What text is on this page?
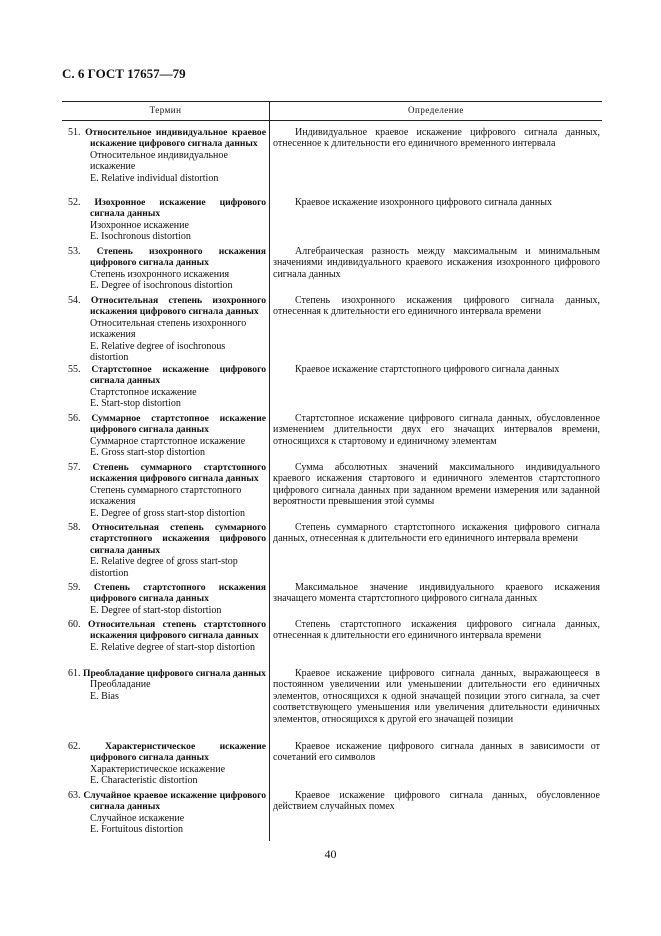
С. 6 ГОСТ 17657—79
Термин	Определение
51. Относительное индивидуальное краевое искажение цифрового сигнала данных
Относительное индивидуальное искажение
E. Relative individual distortion
Индивидуальное краевое искажение цифрового сигнала данных, отнесенное к длительности его единичного временного интервала
52. Изохронное искажение цифрового сигнала данных
Изохронное искажение
E. Isochronous distortion
Краевое искажение изохронного цифрового сигнала данных
53. Степень изохронного искажения цифрового сигнала данных
Степень изохронного искажения
E. Degree of isochronous distortion
Алгебраическая разность между максимальным и минимальным значениями индивидуального краевого искажения изохронного цифрового сигнала данных
54. Относительная степень изохронного искажения цифрового сигнала данных
Относительная степень изохронного искажения
E. Relative degree of isochronous distortion
Степень изохронного искажения цифрового сигнала данных, отнесенная к длительности его единичного интервала времени
55. Стартстопное искажение цифрового сигнала данных
Стартстопное искажение
E. Start-stop distortion
Краевое искажение стартстопного цифрового сигнала данных
56. Суммарное стартстопное искажение цифрового сигнала данных
Суммарное стартстопное искажение
E. Gross start-stop distortion
Стартстопное искажение цифрового сигнала данных, обусловленное изменением длительности двух его значащих интервалов времени, относящихся к стартовому и единичному элементам
57. Степень суммарного стартстопного искажения цифрового сигнала данных
Степень суммарного стартстопного искажения
E. Degree of gross start-stop distortion
Сумма абсолютных значений максимального индивидуального краевого искажения стартового и единичного элементов стартстопного цифрового сигнала данных при заданном времени измерения или заданной вероятности превышения этой суммы
58. Относительная степень суммарного стартстопного искажения цифрового сигнала данных
E. Relative degree of gross start-stop distortion
Степень суммарного стартстопного искажения цифрового сигнала данных, отнесенная к длительности его единичного интервала времени
59. Степень стартстопного искажения цифрового сигнала данных
E. Degree of start-stop distortion
Максимальное значение индивидуального краевого искажения значащего момента стартстопного цифрового сигнала данных
60. Относительная степень стартстопного искажения цифрового сигнала данных
E. Relative degree of start-stop distortion
Степень стартстопного искажения цифрового сигнала данных, отнесенная к длительности его единичного интервала времени
61. Преобладание цифрового сигнала данных
Преобладание
E. Bias
Краевое искажение цифрового сигнала данных, выражающееся в постоянном увеличении или уменьшении длительности его единичных элементов, относящихся к одной значащей позиции этого сигнала, за счет соответствующего уменьшения или увеличения длительности единичных элементов, относящихся к другой его значащей позиции
62.	Характеристическое искажение цифрового сигнала данных
Характеристическое искажение
E. Characteristic distortion
Краевое искажение цифрового сигнала данных в зависимости от сочетаний его символов
63. Случайное краевое искажение цифрового сигнала данных
Случайное искажение
E. Fortuitous distortion
Краевое искажение цифрового сигнала данных, обусловленное действием случайных помех
40
